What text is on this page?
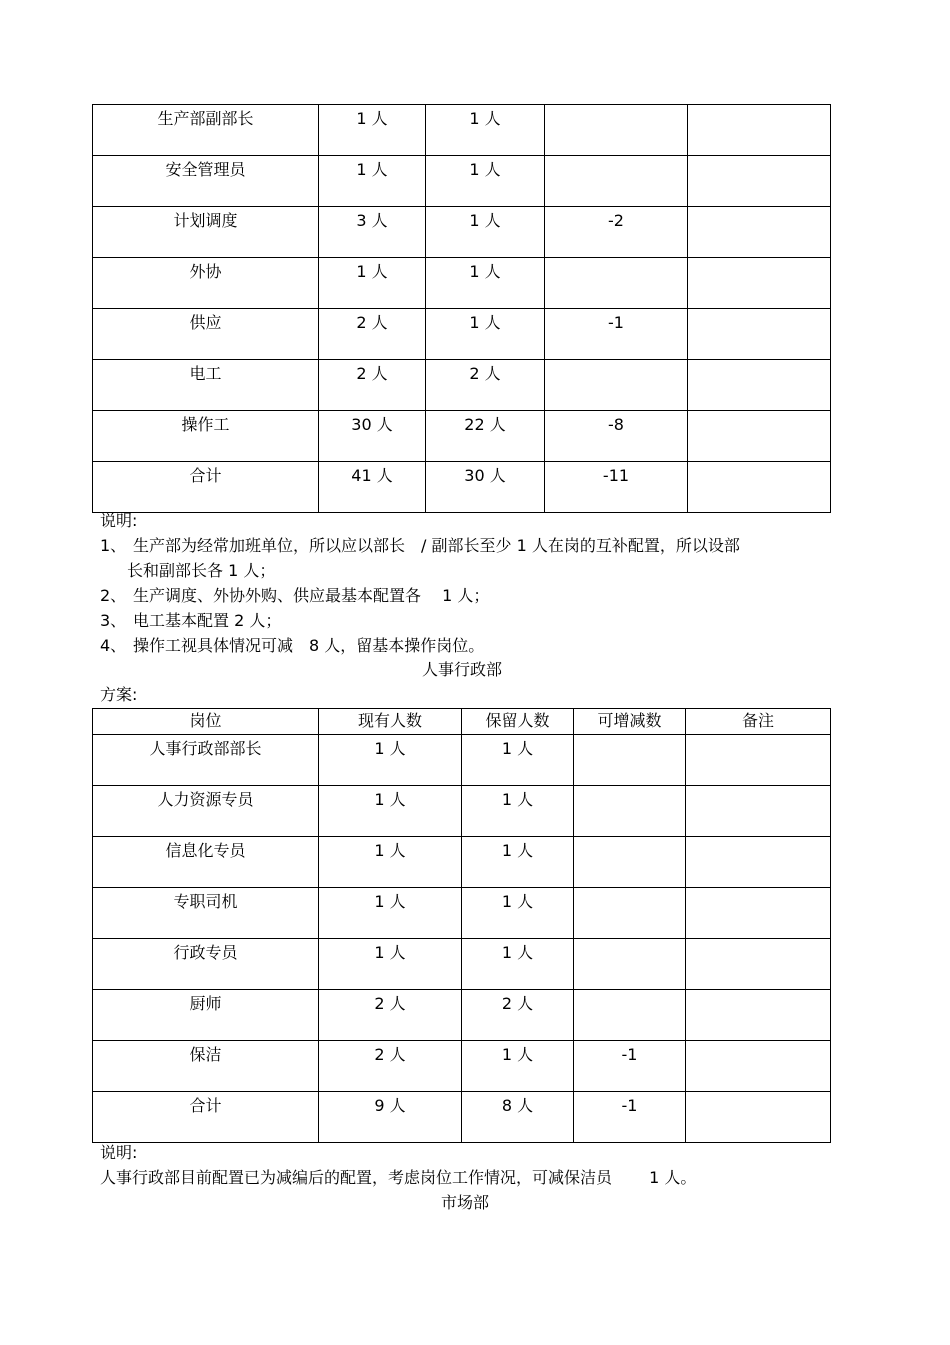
生产部副部长	1 人	1 人		

安全管理员	1 人	1 人		

计划调度	3 人	1 人	-2	

外协	1 人	1 人		

供应	2 人	1 人	-1	

电工	2 人	2 人		

操作工	30 人	22 人	-8	

合计	41 人	30 人	-11	

说明:

1、 生产部为经常加班单位，所以应以部长　/ 副部长至少 1 人在岗的互补配置，所以设部

长和副部长各 1 人；

2、 生产调度、外协外购、供应最基本配置各　 1 人；

3、 电工基本配置 2 人；

4、 操作工视具体情况可减　8 人，留基本操作岗位。

人事行政部

方案:

岗位	现有人数	保留人数	可增减数	备注

人事行政部部长	1 人	1 人		

人力资源专员	1 人	1 人		

信息化专员	1 人	1 人		

专职司机	1 人	1 人		

行政专员	1 人	1 人		

厨师	2 人	2 人		

保洁	2 人	1 人	-1	

合计	9 人	8 人	-1	

说明:

人事行政部目前配置已为减编后的配置，考虑岗位工作情况，可减保洁员　　 1 人。

市场部
